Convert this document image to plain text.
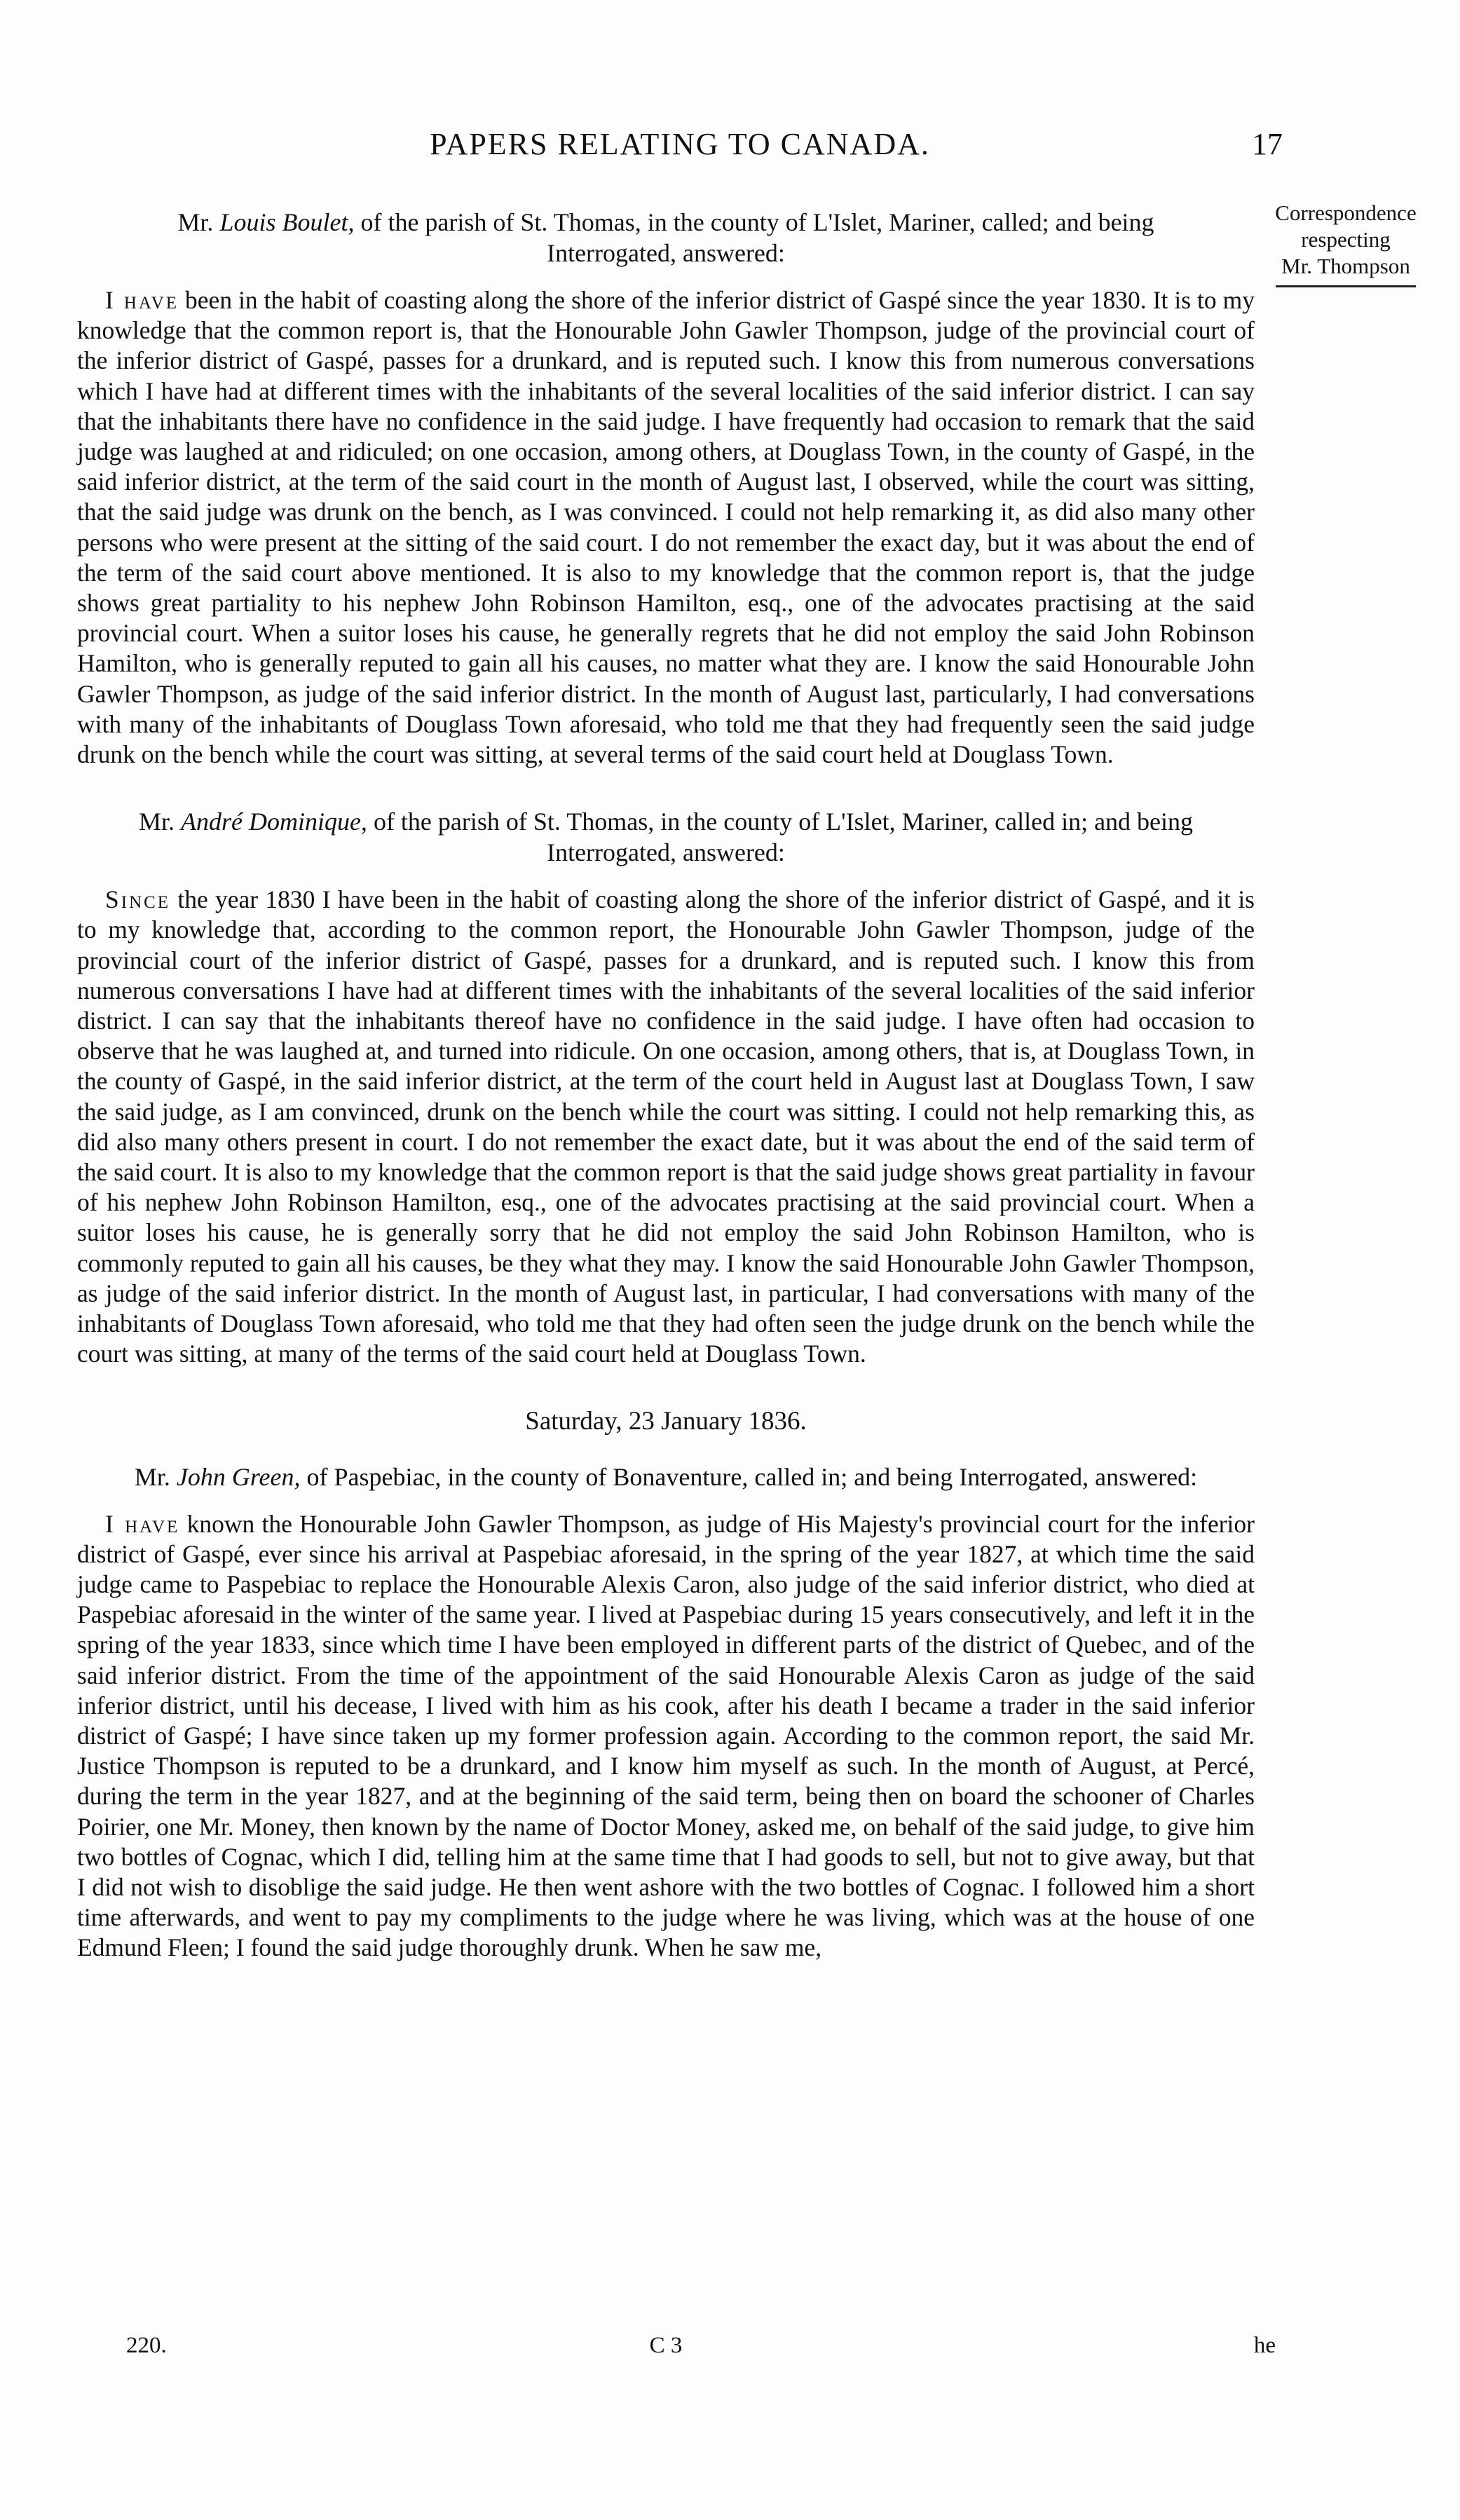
PAPERS RELATING TO CANADA.	17
Correspondence
respecting
Mr. Thompson
Mr. Louis Boulet, of the parish of St. Thomas, in the county of L'Islet, Mariner, called; and being Interrogated, answered:

I have been in the habit of coasting along the shore of the inferior district of Gaspé since the year 1830. It is to my knowledge that the common report is, that the Honourable John Gawler Thompson, judge of the provincial court of the inferior district of Gaspé, passes for a drunkard, and is reputed such. I know this from numerous conversations which I have had at different times with the inhabitants of the several localities of the said inferior district. I can say that the inhabitants there have no confidence in the said judge. I have frequently had occasion to remark that the said judge was laughed at and ridiculed; on one occasion, among others, at Douglass Town, in the county of Gaspé, in the said inferior district, at the term of the said court in the month of August last, I observed, while the court was sitting, that the said judge was drunk on the bench, as I was convinced. I could not help remarking it, as did also many other persons who were present at the sitting of the said court. I do not remember the exact day, but it was about the end of the term of the said court above mentioned. It is also to my knowledge that the common report is, that the judge shows great partiality to his nephew John Robinson Hamilton, esq., one of the advocates practising at the said provincial court. When a suitor loses his cause, he generally regrets that he did not employ the said John Robinson Hamilton, who is generally reputed to gain all his causes, no matter what they are. I know the said Honourable John Gawler Thompson, as judge of the said inferior district. In the month of August last, particularly, I had conversations with many of the inhabitants of Douglass Town aforesaid, who told me that they had frequently seen the said judge drunk on the bench while the court was sitting, at several terms of the said court held at Douglass Town.

Mr. André Dominique, of the parish of St. Thomas, in the county of L'Islet, Mariner, called in; and being Interrogated, answered:

Since the year 1830 I have been in the habit of coasting along the shore of the inferior district of Gaspé, and it is to my knowledge that, according to the common report, the Honourable John Gawler Thompson, judge of the provincial court of the inferior district of Gaspé, passes for a drunkard, and is reputed such. I know this from numerous conversations I have had at different times with the inhabitants of the several localities of the said inferior district. I can say that the inhabitants thereof have no confidence in the said judge. I have often had occasion to observe that he was laughed at, and turned into ridicule. On one occasion, among others, that is, at Douglass Town, in the county of Gaspé, in the said inferior district, at the term of the court held in August last at Douglass Town, I saw the said judge, as I am convinced, drunk on the bench while the court was sitting. I could not help remarking this, as did also many others present in court. I do not remember the exact date, but it was about the end of the said term of the said court. It is also to my knowledge that the common report is that the said judge shows great partiality in favour of his nephew John Robinson Hamilton, esq., one of the advocates practising at the said provincial court. When a suitor loses his cause, he is generally sorry that he did not employ the said John Robinson Hamilton, who is commonly reputed to gain all his causes, be they what they may. I know the said Honourable John Gawler Thompson, as judge of the said inferior district. In the month of August last, in particular, I had conversations with many of the inhabitants of Douglass Town aforesaid, who told me that they had often seen the judge drunk on the bench while the court was sitting, at many of the terms of the said court held at Douglass Town.

Saturday, 23 January 1836.
Mr. John Green, of Paspebiac, in the county of Bonaventure, called in; and being Interrogated, answered:

I have known the Honourable John Gawler Thompson, as judge of His Majesty's provincial court for the inferior district of Gaspé, ever since his arrival at Paspebiac aforesaid, in the spring of the year 1827, at which time the said judge came to Paspebiac to replace the Honourable Alexis Caron, also judge of the said inferior district, who died at Paspebiac aforesaid in the winter of the same year. I lived at Paspebiac during 15 years consecutively, and left it in the spring of the year 1833, since which time I have been employed in different parts of the district of Quebec, and of the said inferior district. From the time of the appointment of the said Honourable Alexis Caron as judge of the said inferior district, until his decease, I lived with him as his cook, after his death I became a trader in the said inferior district of Gaspé; I have since taken up my former profession again. According to the common report, the said Mr. Justice Thompson is reputed to be a drunkard, and I know him myself as such. In the month of August, at Percé, during the term in the year 1827, and at the beginning of the said term, being then on board the schooner of Charles Poirier, one Mr. Money, then known by the name of Doctor Money, asked me, on behalf of the said judge, to give him two bottles of Cognac, which I did, telling him at the same time that I had goods to sell, but not to give away, but that I did not wish to disoblige the said judge. He then went ashore with the two bottles of Cognac. I followed him a short time afterwards, and went to pay my compliments to the judge where he was living, which was at the house of one Edmund Fleen; I found the said judge thoroughly drunk. When he saw me,

220.	C 3	he
